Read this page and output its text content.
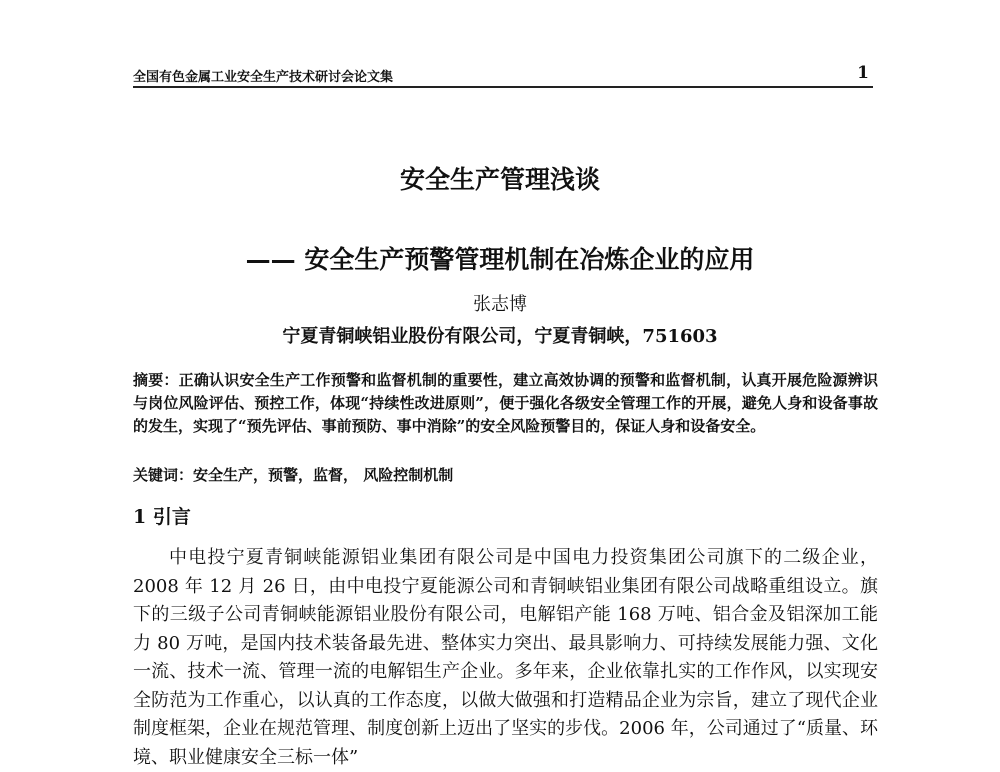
全国有色金属工业安全生产技术研讨会论文集	1
安全生产管理浅谈
—— 安全生产预警管理机制在冶炼企业的应用
张志博
宁夏青铜峡铝业股份有限公司，宁夏青铜峡，751603
摘要：正确认识安全生产工作预警和监督机制的重要性，建立高效协调的预警和监督机制，认真开展危险源辨识与岗位风险评估、预控工作，体现“持续性改进原则”，便于强化各级安全管理工作的开展，避免人身和设备事故的发生，实现了“预先评估、事前预防、事中消除”的安全风险预警目的，保证人身和设备安全。
关键词：安全生产，预警，监督， 风险控制机制
1 引言
中电投宁夏青铜峡能源铝业集团有限公司是中国电力投资集团公司旗下的二级企业，2008 年 12 月 26 日，由中电投宁夏能源公司和青铜峡铝业集团有限公司战略重组设立。旗下的三级子公司青铜峡能源铝业股份有限公司，电解铝产能 168 万吨、铝合金及铝深加工能力 80 万吨，是国内技术装备最先进、整体实力突出、最具影响力、可持续发展能力强、文化一流、技术一流、管理一流的电解铝生产企业。多年来，企业依靠扎实的工作作风，以实现安全防范为工作重心，以认真的工作态度，以做大做强和打造精品企业为宗旨，建立了现代企业制度框架，企业在规范管理、制度创新上迈出了坚实的步伐。2006 年，公司通过了“质量、环境、职业健康安全三标一体”
